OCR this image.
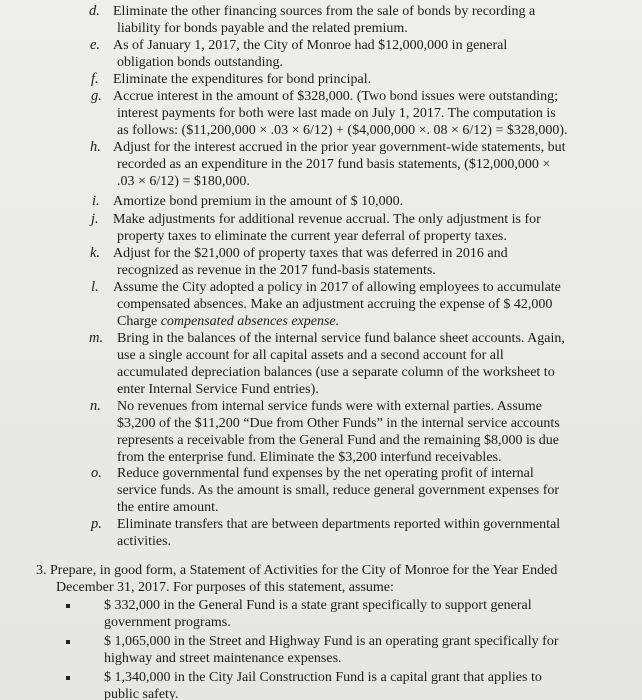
d. Eliminate the other financing sources from the sale of bonds by recording a
liability for bonds payable and the related premium.
e. As of January 1, 2017, the City of Monroe had $12,000,000 in general
obligation bonds outstanding.
f. Eliminate the expenditures for bond principal.
g. Accrue interest in the amount of $328,000. (Two bond issues were outstanding;
interest payments for both were last made on July 1, 2017. The computation is
as follows: ($11,200,000 × .03 × 6/12) + ($4,000,000 ×. 08 × 6/12) = $328,000).
h. Adjust for the interest accrued in the prior year government-wide statements, but
recorded as an expenditure in the 2017 fund basis statements, ($12,000,000 ×
.03 × 6/12) = $180,000.
i. Amortize bond premium in the amount of $ 10,000.
j. Make adjustments for additional revenue accrual. The only adjustment is for
property taxes to eliminate the current year deferral of property taxes.
k. Adjust for the $21,000 of property taxes that was deferred in 2016 and
recognized as revenue in the 2017 fund-basis statements.
l. Assume the City adopted a policy in 2017 of allowing employees to accumulate
compensated absences. Make an adjustment accruing the expense of $ 42,000
Charge compensated absences expense.
m. Bring in the balances of the internal service fund balance sheet accounts. Again,
use a single account for all capital assets and a second account for all
accumulated depreciation balances (use a separate column of the worksheet to
enter Internal Service Fund entries).
n. No revenues from internal service funds were with external parties. Assume
$3,200 of the $11,200 “Due from Other Funds” in the internal service accounts
represents a receivable from the General Fund and the remaining $8,000 is due
from the enterprise fund. Eliminate the $3,200 interfund receivables.
o. Reduce governmental fund expenses by the net operating profit of internal
service funds. As the amount is small, reduce general government expenses for
the entire amount.
p. Eliminate transfers that are between departments reported within governmental
activities.
3. Prepare, in good form, a Statement of Activities for the City of Monroe for the Year Ended
December 31, 2017. For purposes of this statement, assume:
$ 332,000 in the General Fund is a state grant specifically to support general
government programs.
$ 1,065,000 in the Street and Highway Fund is an operating grant specifically for
highway and street maintenance expenses.
$ 1,340,000 in the City Jail Construction Fund is a capital grant that applies to
public safety.
